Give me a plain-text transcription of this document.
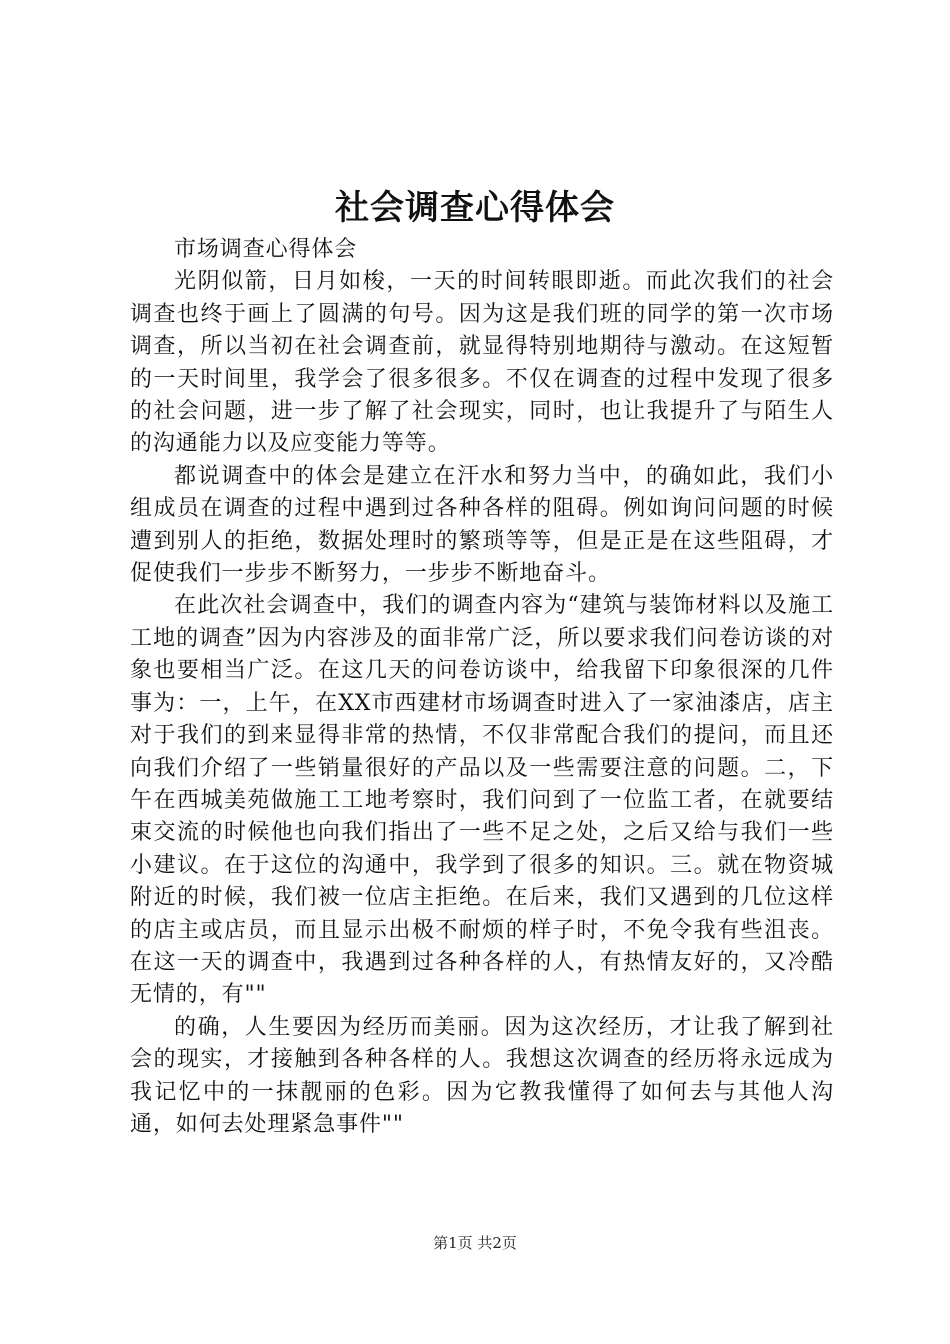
社会调查心得体会

市场调查心得体会

光阴似箭，日月如梭，一天的时间转眼即逝。而此次我们的社会调查也终于画上了圆满的句号。因为这是我们班的同学的第一次市场调查，所以当初在社会调查前，就显得特别地期待与激动。在这短暂的一天时间里，我学会了很多很多。不仅在调查的过程中发现了很多的社会问题，进一步了解了社会现实，同时，也让我提升了与陌生人的沟通能力以及应变能力等等。

都说调查中的体会是建立在汗水和努力当中，的确如此，我们小组成员在调查的过程中遇到过各种各样的阻碍。例如询问问题的时候遭到别人的拒绝，数据处理时的繁琐等等，但是正是在这些阻碍，才促使我们一步步不断努力，一步步不断地奋斗。

在此次社会调查中，我们的调查内容为“建筑与装饰材料以及施工工地的调查”因为内容涉及的面非常广泛，所以要求我们问卷访谈的对象也要相当广泛。在这几天的问卷访谈中，给我留下印象很深的几件事为：一，上午，在XX市西建材市场调查时进入了一家油漆店，店主对于我们的到来显得非常的热情，不仅非常配合我们的提问，而且还向我们介绍了一些销量很好的产品以及一些需要注意的问题。二，下午在西城美苑做施工工地考察时，我们问到了一位监工者，在就要结束交流的时候他也向我们指出了一些不足之处，之后又给与我们一些小建议。在于这位的沟通中，我学到了很多的知识。三。就在物资城附近的时候，我们被一位店主拒绝。在后来，我们又遇到的几位这样的店主或店员，而且显示出极不耐烦的样子时，不免令我有些沮丧。在这一天的调查中，我遇到过各种各样的人，有热情友好的，又冷酷无情的，有""

的确，人生要因为经历而美丽。因为这次经历，才让我了解到社会的现实，才接触到各种各样的人。我想这次调查的经历将永远成为我记忆中的一抹靓丽的色彩。因为它教我懂得了如何去与其他人沟通，如何去处理紧急事件""

第1页 共2页
